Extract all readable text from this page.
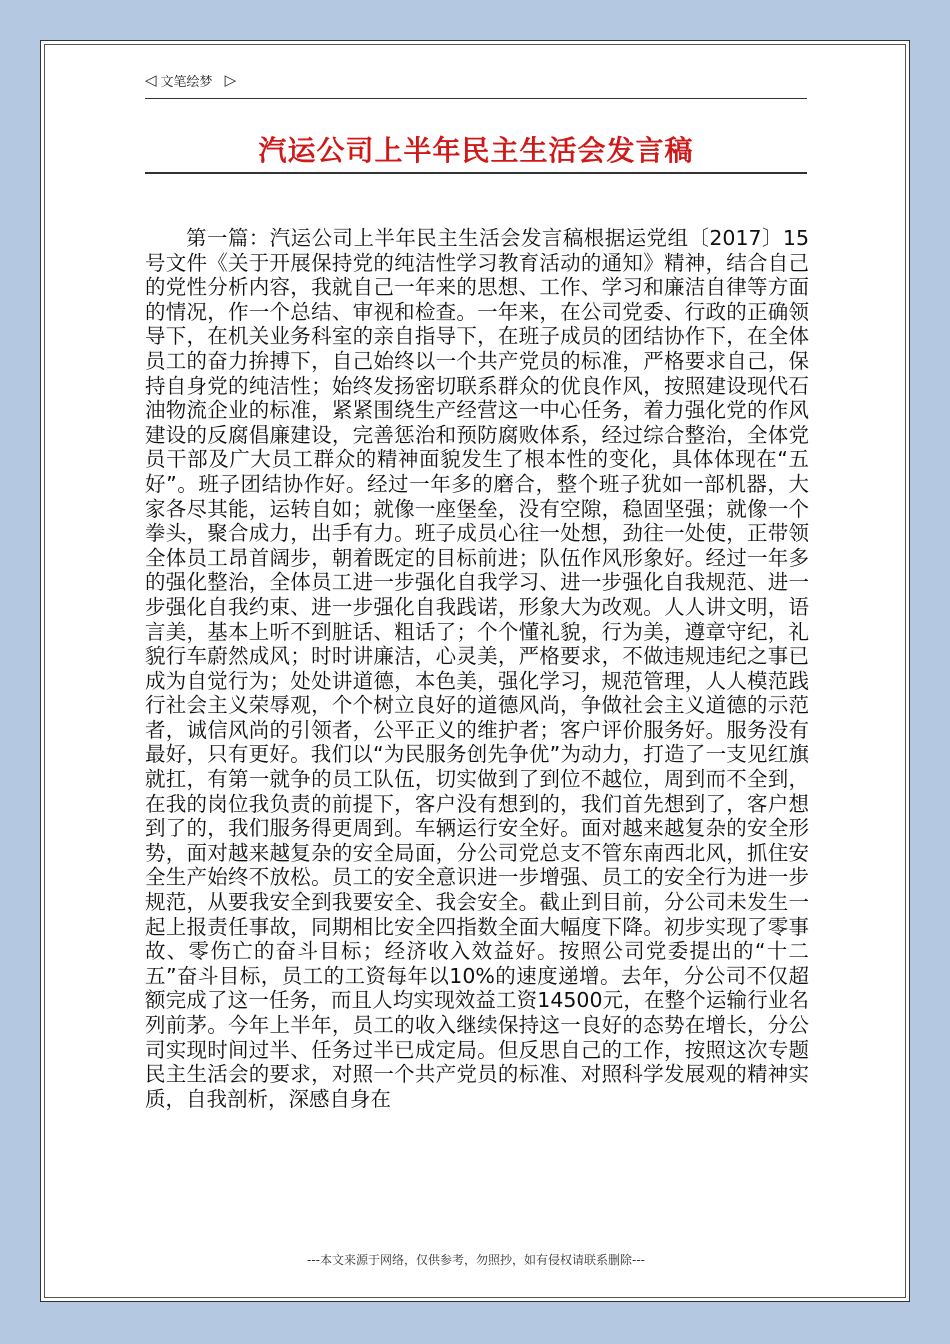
◁ 文笔绘梦 ▷
汽运公司上半年民主生活会发言稿

第一篇：汽运公司上半年民主生活会发言稿根据运党组〔2017〕15号文件《关于开展保持党的纯洁性学习教育活动的通知》精神，结合自己的党性分析内容，我就自己一年来的思想、工作、学习和廉洁自律等方面的情况，作一个总结、审视和检查。一年来，在公司党委、行政的正确领导下，在机关业务科室的亲自指导下，在班子成员的团结协作下，在全体员工的奋力拚搏下，自己始终以一个共产党员的标准，严格要求自己，保持自身党的纯洁性；始终发扬密切联系群众的优良作风，按照建设现代石油物流企业的标准，紧紧围绕生产经营这一中心任务，着力强化党的作风建设的反腐倡廉建设，完善惩治和预防腐败体系，经过综合整治，全体党员干部及广大员工群众的精神面貌发生了根本性的变化，具体体现在“五好”。班子团结协作好。经过一年多的磨合，整个班子犹如一部机器，大家各尽其能，运转自如；就像一座堡垒，没有空隙，稳固坚强；就像一个拳头，聚合成力，出手有力。班子成员心往一处想，劲往一处使，正带领全体员工昂首阔步，朝着既定的目标前进；队伍作风形象好。经过一年多的强化整治，全体员工进一步强化自我学习、进一步强化自我规范、进一步强化自我约束、进一步强化自我践诺，形象大为改观。人人讲文明，语言美，基本上听不到脏话、粗话了；个个懂礼貌，行为美，遵章守纪，礼貌行车蔚然成风；时时讲廉洁，心灵美，严格要求，不做违规违纪之事已成为自觉行为；处处讲道德，本色美，强化学习，规范管理，人人模范践行社会主义荣辱观，个个树立良好的道德风尚，争做社会主义道德的示范者，诚信风尚的引领者，公平正义的维护者；客户评价服务好。服务没有最好，只有更好。我们以“为民服务创先争优”为动力，打造了一支见红旗就扛，有第一就争的员工队伍，切实做到了到位不越位，周到而不全到，在我的岗位我负责的前提下，客户没有想到的，我们首先想到了，客户想到了的，我们服务得更周到。车辆运行安全好。面对越来越复杂的安全形势，面对越来越复杂的安全局面，分公司党总支不管东南西北风，抓住安全生产始终不放松。员工的安全意识进一步增强、员工的安全行为进一步规范，从要我安全到我要安全、我会安全。截止到目前，分公司未发生一起上报责任事故，同期相比安全四指数全面大幅度下降。初步实现了零事故、零伤亡的奋斗目标；经济收入效益好。按照公司党委提出的“十二五”奋斗目标，员工的工资每年以10%的速度递增。去年，分公司不仅超额完成了这一任务，而且人均实现效益工资14500元，在整个运输行业名列前茅。今年上半年，员工的收入继续保持这一良好的态势在增长，分公司实现时间过半、任务过半已成定局。但反思自己的工作，按照这次专题民主生活会的要求，对照一个共产党员的标准、对照科学发展观的精神实质，自我剖析，深感自身在

---本文来源于网络，仅供参考，勿照抄，如有侵权请联系删除---
